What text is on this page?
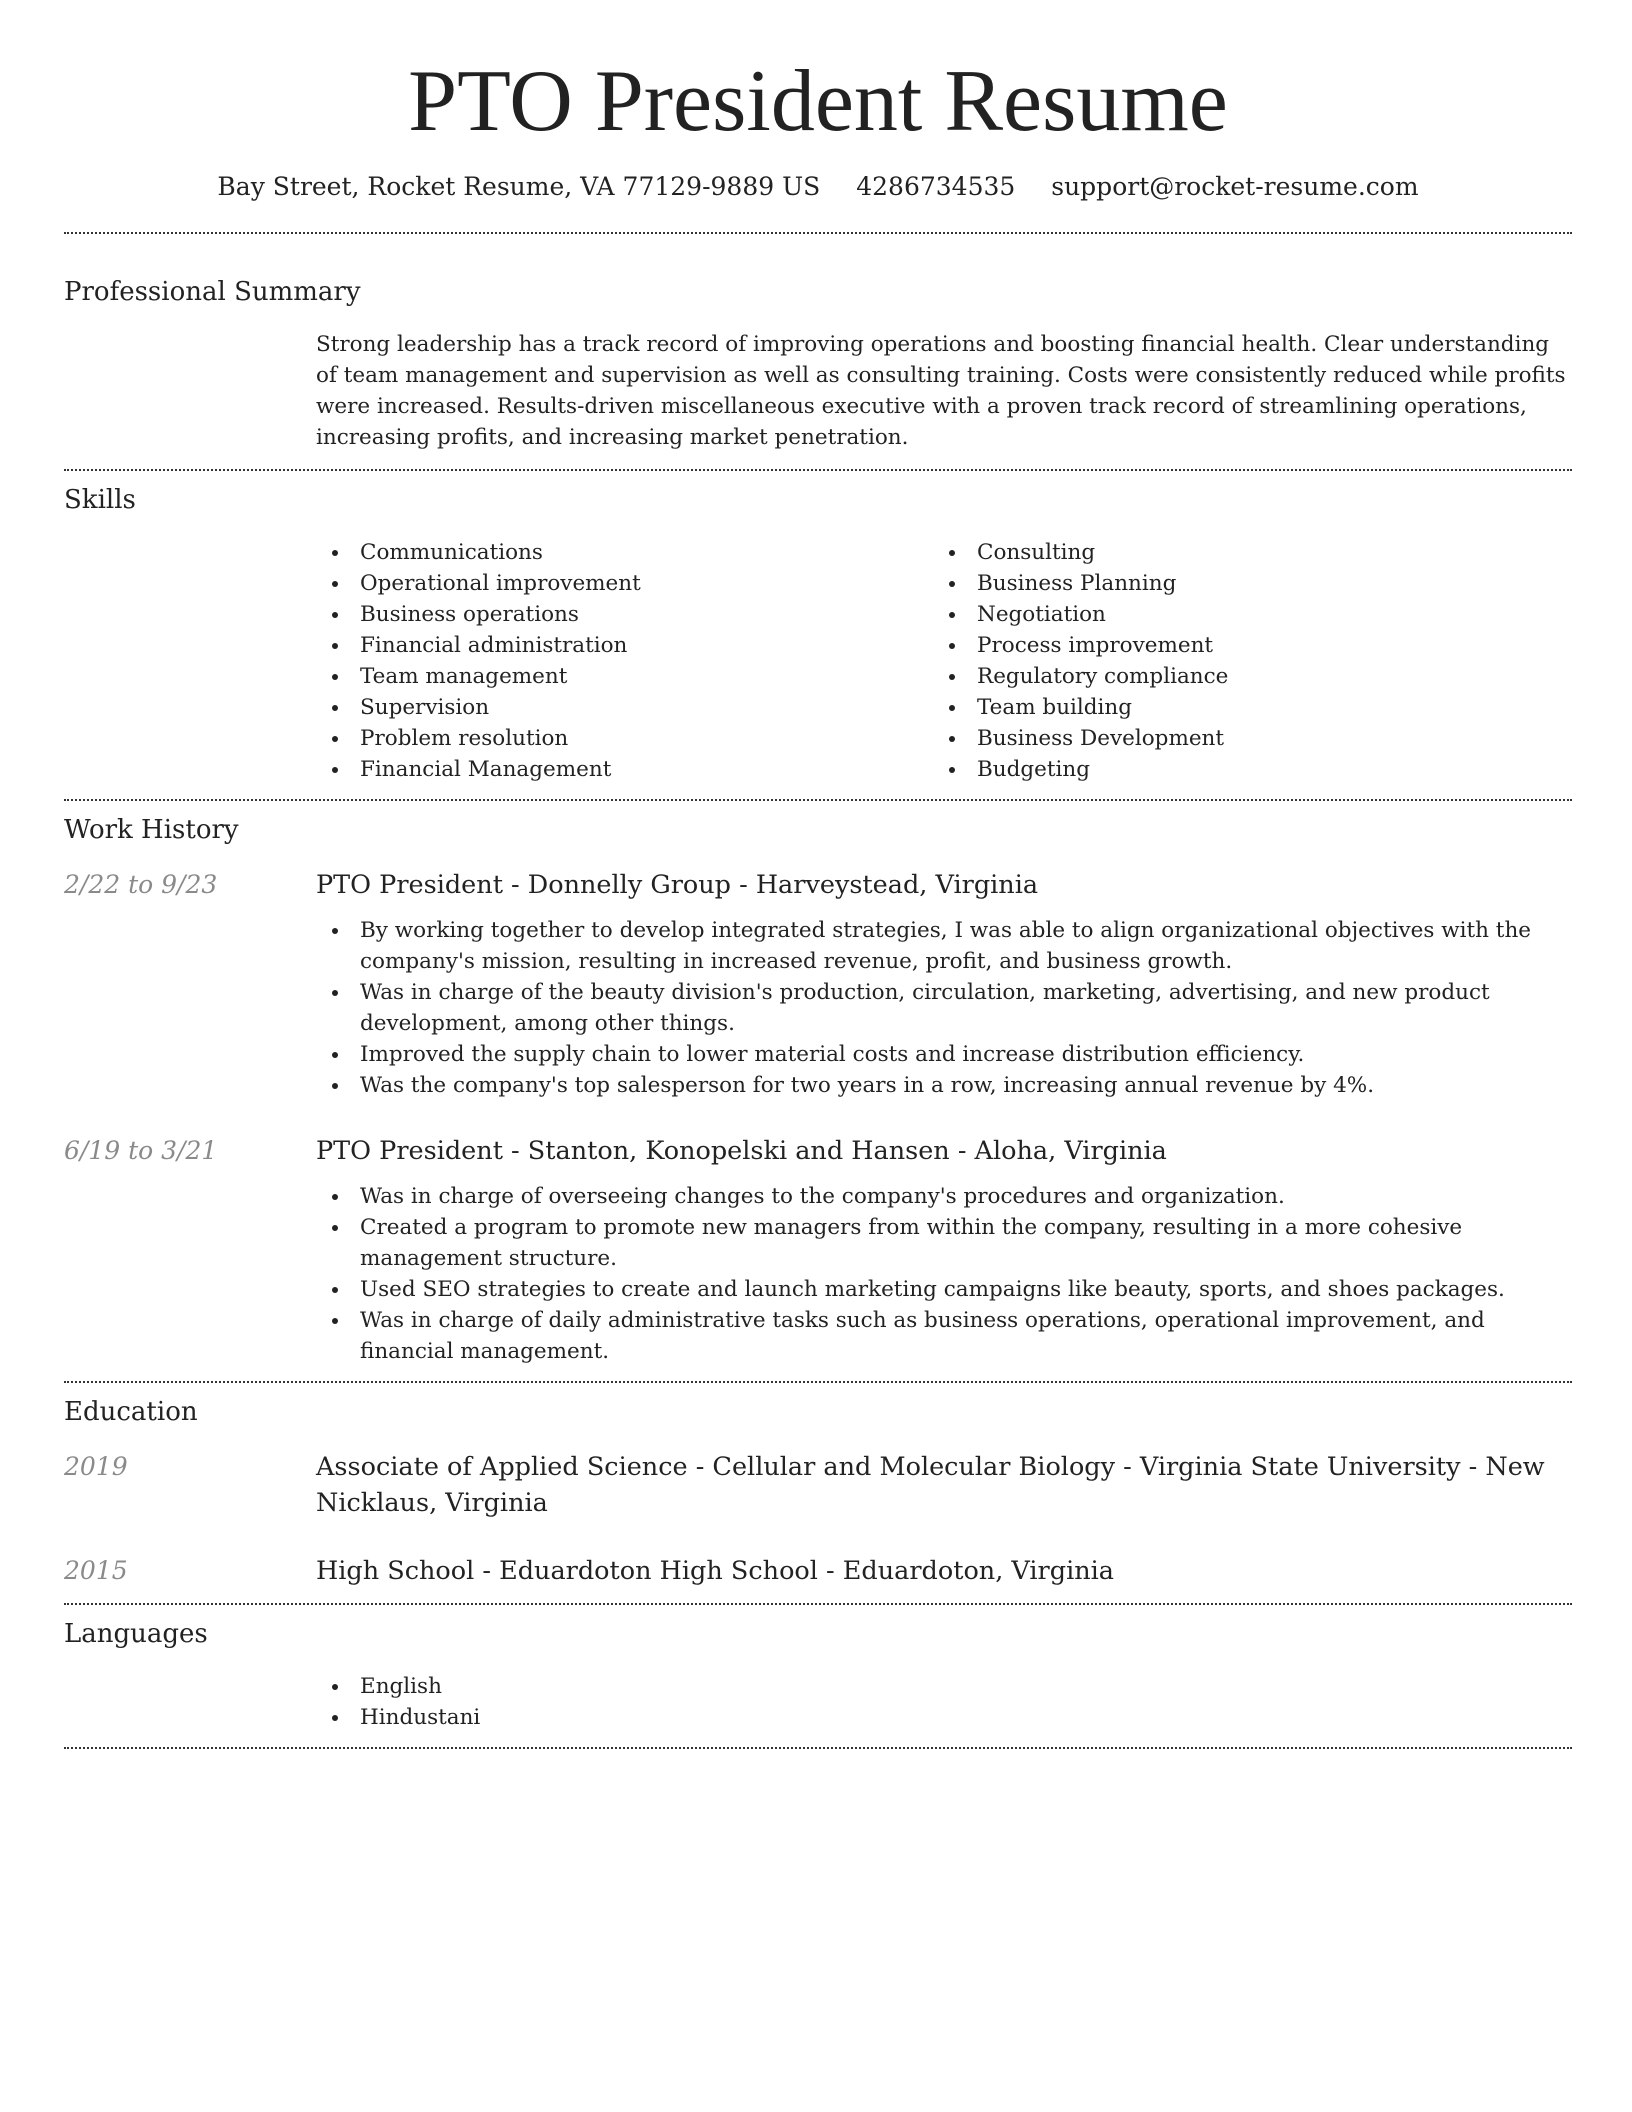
PTO President Resume
Bay Street, Rocket Resume, VA 77129-9889 US 4286734535 support@rocket-resume.com
Professional Summary
Strong leadership has a track record of improving operations and boosting financial health. Clear understanding of team management and supervision as well as consulting training. Costs were consistently reduced while profits were increased. Results-driven miscellaneous executive with a proven track record of streamlining operations, increasing profits, and increasing market penetration.
Skills
Communications
Operational improvement
Business operations
Financial administration
Team management
Supervision
Problem resolution
Financial Management
Consulting
Business Planning
Negotiation
Process improvement
Regulatory compliance
Team building
Business Development
Budgeting
Work History
2/22 to 9/23	PTO President - Donnelly Group - Harveystead, Virginia
By working together to develop integrated strategies, I was able to align organizational objectives with the company's mission, resulting in increased revenue, profit, and business growth.
Was in charge of the beauty division's production, circulation, marketing, advertising, and new product development, among other things.
Improved the supply chain to lower material costs and increase distribution efficiency.
Was the company's top salesperson for two years in a row, increasing annual revenue by 4%.
6/19 to 3/21	PTO President - Stanton, Konopelski and Hansen - Aloha, Virginia
Was in charge of overseeing changes to the company's procedures and organization.
Created a program to promote new managers from within the company, resulting in a more cohesive management structure.
Used SEO strategies to create and launch marketing campaigns like beauty, sports, and shoes packages.
Was in charge of daily administrative tasks such as business operations, operational improvement, and financial management.
Education
2019	Associate of Applied Science - Cellular and Molecular Biology - Virginia State University - New Nicklaus, Virginia
2015	High School - Eduardoton High School - Eduardoton, Virginia
Languages
English
Hindustani
